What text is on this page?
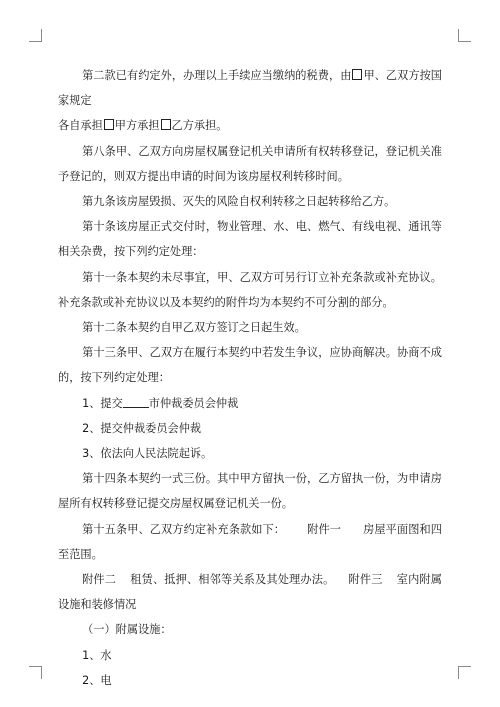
第二款已有约定外，办理以上手续应当缴纳的税费，由 甲、乙双方按国家规定
各自承担 甲方承担 乙方承担。

第八条甲、乙双方向房屋权属登记机关申请所有权转移登记，登记机关准予登记的，则双方提出申请的时间为该房屋权利转移时间。

第九条该房屋毁损、灭失的风险自权利转移之日起转移给乙方。

第十条该房屋正式交付时，物业管理、水、电、燃气、有线电视、通讯等相关杂费，按下列约定处理：

第十一条本契约未尽事宜，甲、乙双方可另行订立补充条款或补充协议。补充条款或补充协议以及本契约的附件均为本契约不可分割的部分。

第十二条本契约自甲乙双方签订之日起生效。

第十三条甲、乙双方在履行本契约中若发生争议，应协商解决。协商不成的，按下列约定处理：

1、提交 市仲裁委员会仲裁

2、提交仲裁委员会仲裁

3、依法向人民法院起诉。

第十四条本契约一式三份。其中甲方留执一份，乙方留执一份，为申请房屋所有权转移登记提交房屋权属登记机关一份。

第十五条甲、乙双方约定补充条款如下： 附件一 房屋平面图和四至范围。

附件二 租赁、抵押、相邻等关系及其处理办法。 附件三 室内附属设施和装修情况

（一）附属设施：

1、水

2、电
